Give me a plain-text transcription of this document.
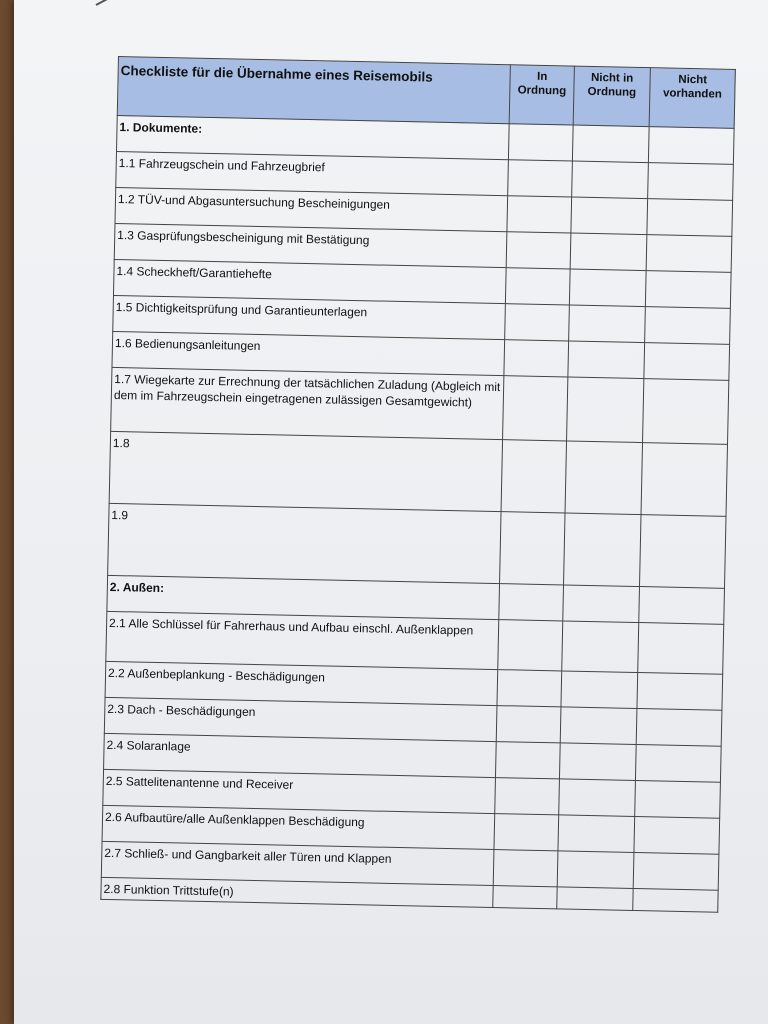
Checkliste für die Übernahme eines Reisemobils	In Ordnung	Nicht in Ordnung	Nicht vorhanden
1. Dokumente:			
1.1 Fahrzeugschein und Fahrzeugbrief			
1.2 TÜV-und Abgasuntersuchung Bescheinigungen			
1.3 Gasprüfungsbescheinigung mit Bestätigung			
1.4 Scheckheft/Garantiehefte			
1.5 Dichtigkeitsprüfung und Garantieunterlagen			
1.6 Bedienungsanleitungen			
1.7 Wiegekarte zur Errechnung der tatsächlichen Zuladung (Abgleich mit dem im Fahrzeugschein eingetragenen zulässigen Gesamtgewicht)			
1.8			
1.9			
2. Außen:			
2.1 Alle Schlüssel für Fahrerhaus und Aufbau einschl. Außenklappen			
2.2 Außenbeplankung - Beschädigungen			
2.3 Dach - Beschädigungen			
2.4 Solaranlage			
2.5 Sattelitenantenne und Receiver			
2.6 Aufbautüre/alle Außenklappen Beschädigung			
2.7 Schließ- und Gangbarkeit aller Türen und Klappen			
2.8 Funktion Trittstufe(n)			
